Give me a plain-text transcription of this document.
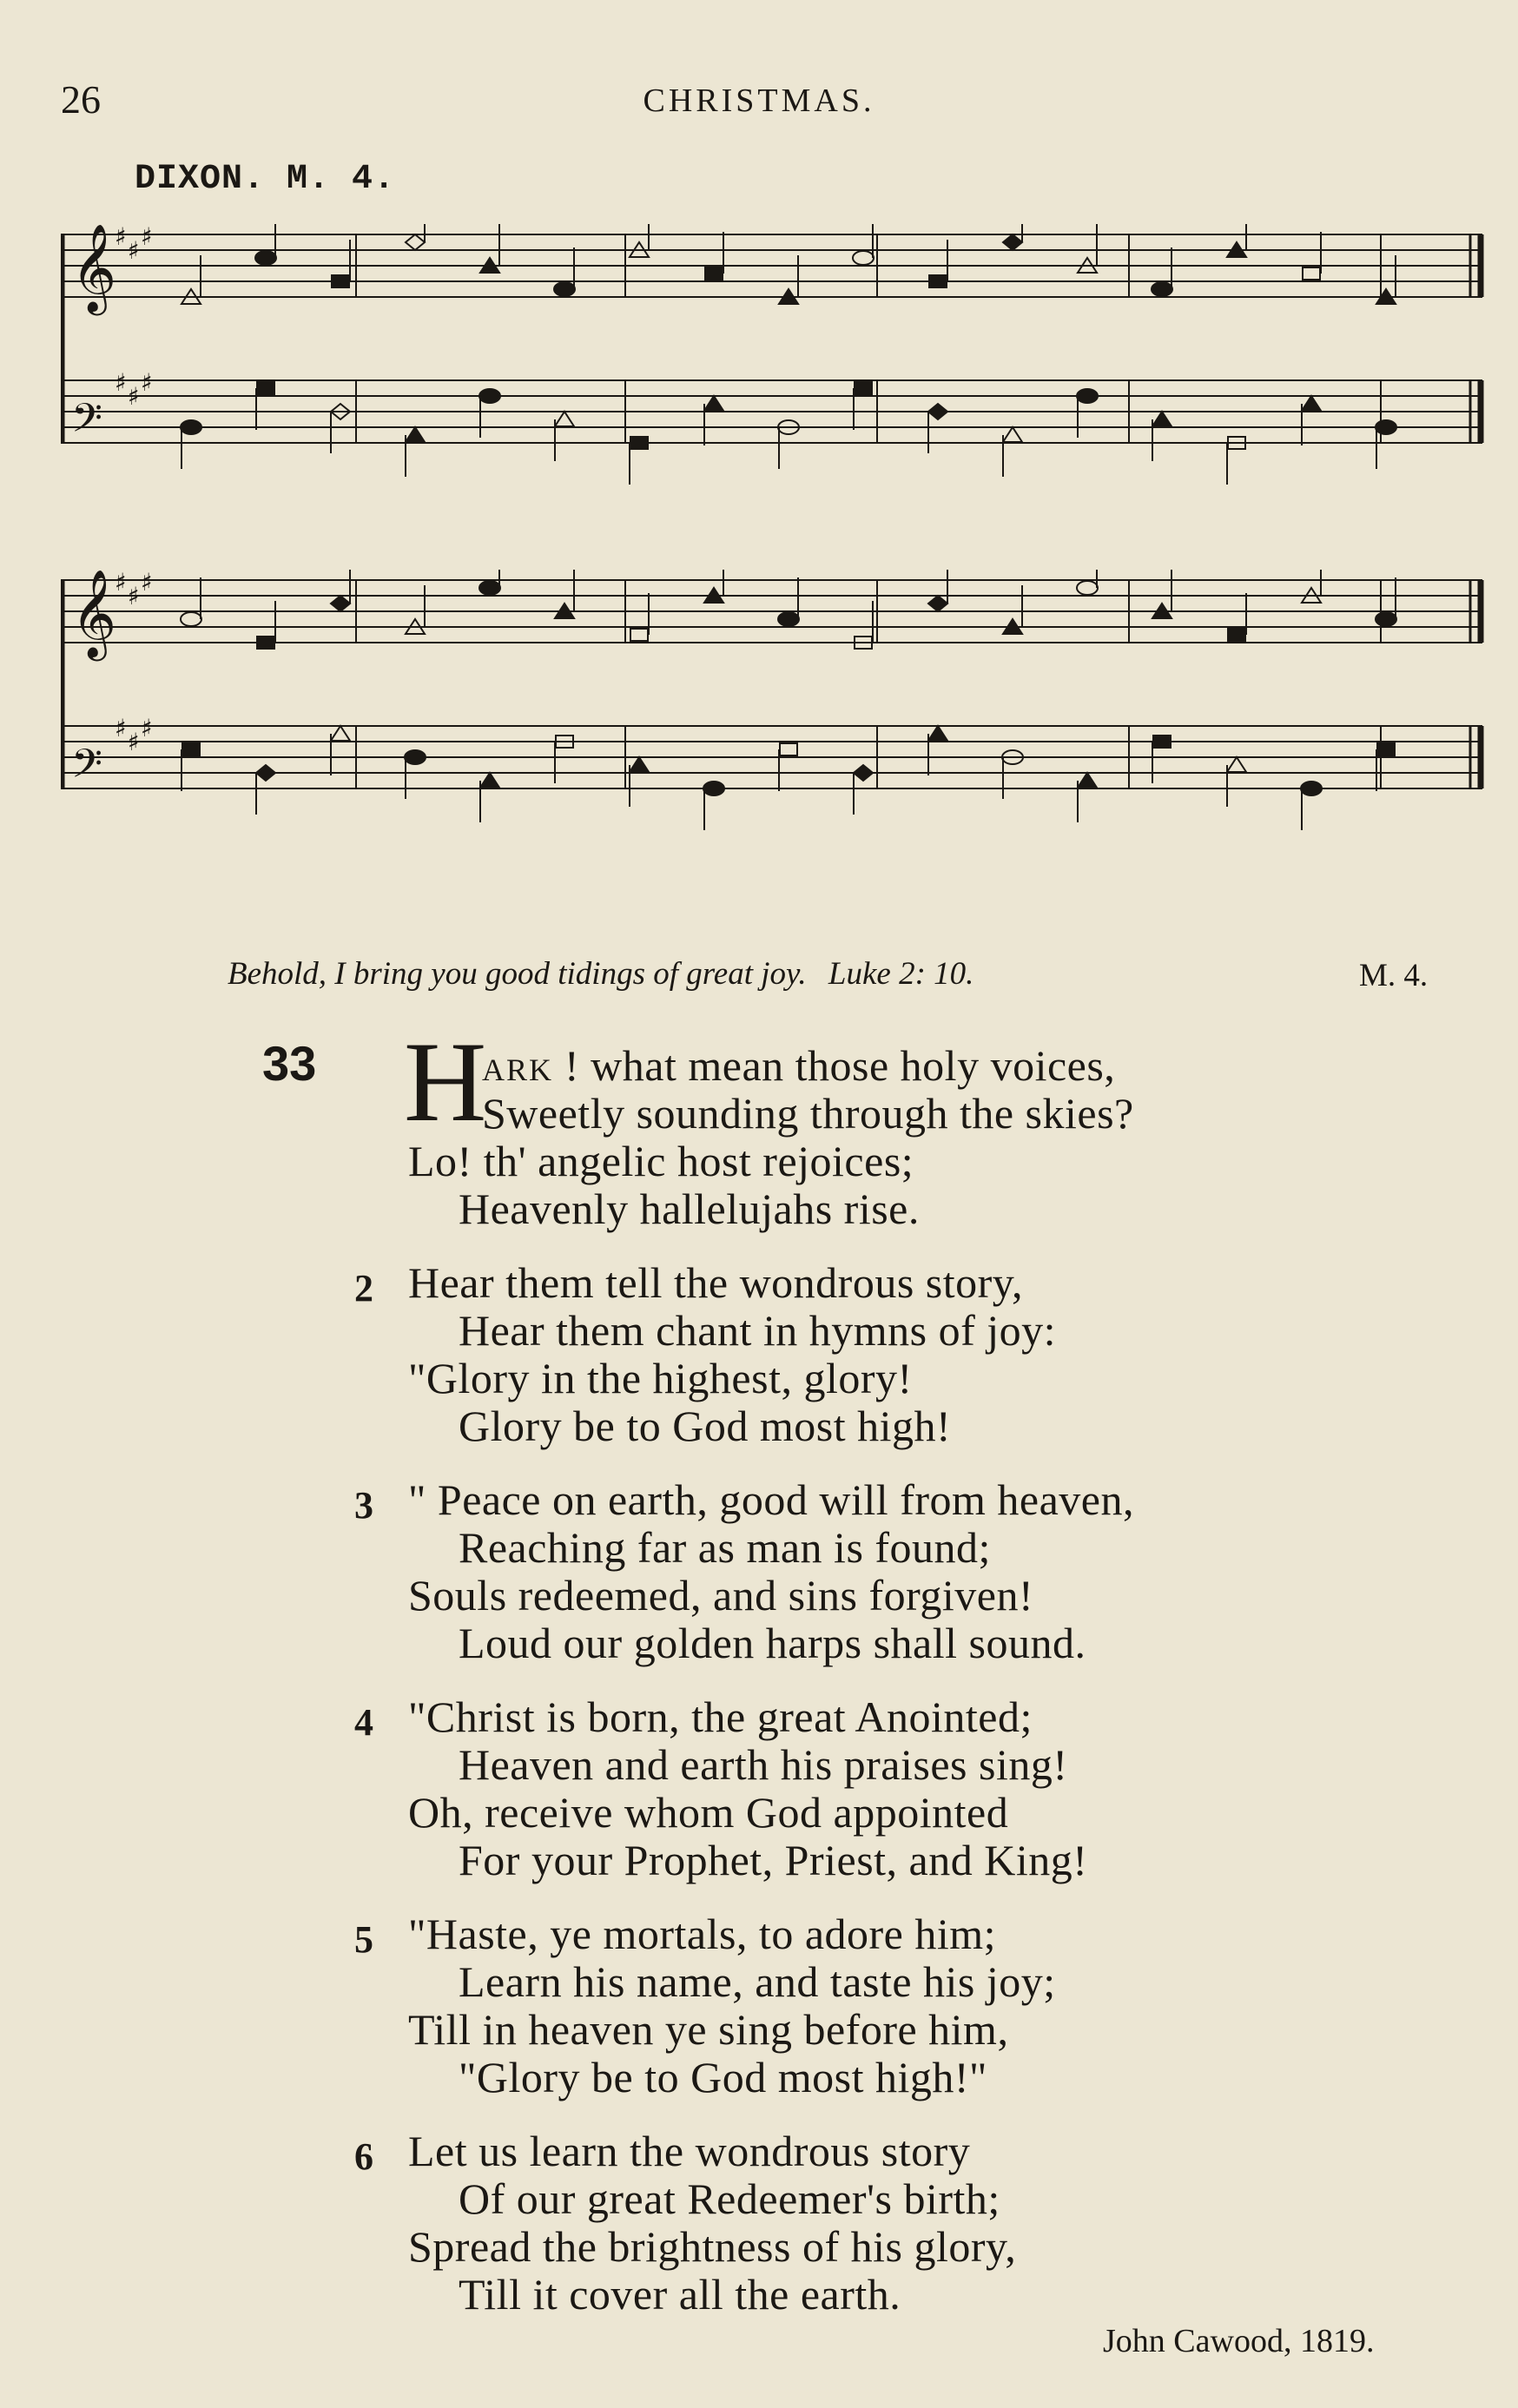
26	CHRISTMAS.
DIXON. M. 4.
𝄞
♯ ♯ ♯
𝄢
♯ ♯ ♯
𝄞
♯ ♯ ♯
𝄢
♯ ♯ ♯
Behold, I bring you good tidings of great joy. Luke 2: 10.	M. 4.
33 H
ARK ! what mean those holy voices,
Sweetly sounding through the skies?
Lo! th' angelic host rejoices;
Heavenly hallelujahs rise.
2 Hear them tell the wondrous story,
Hear them chant in hymns of joy:
"Glory in the highest, glory!
Glory be to God most high!
3 " Peace on earth, good will from heaven,
Reaching far as man is found;
Souls redeemed, and sins forgiven!
Loud our golden harps shall sound.
4 "Christ is born, the great Anointed;
Heaven and earth his praises sing!
Oh, receive whom God appointed
For your Prophet, Priest, and King!
5 "Haste, ye mortals, to adore him;
Learn his name, and taste his joy;
Till in heaven ye sing before him,
"Glory be to God most high!"
6 Let us learn the wondrous story
Of our great Redeemer's birth;
Spread the brightness of his glory,
Till it cover all the earth.
John Cawood, 1819.
